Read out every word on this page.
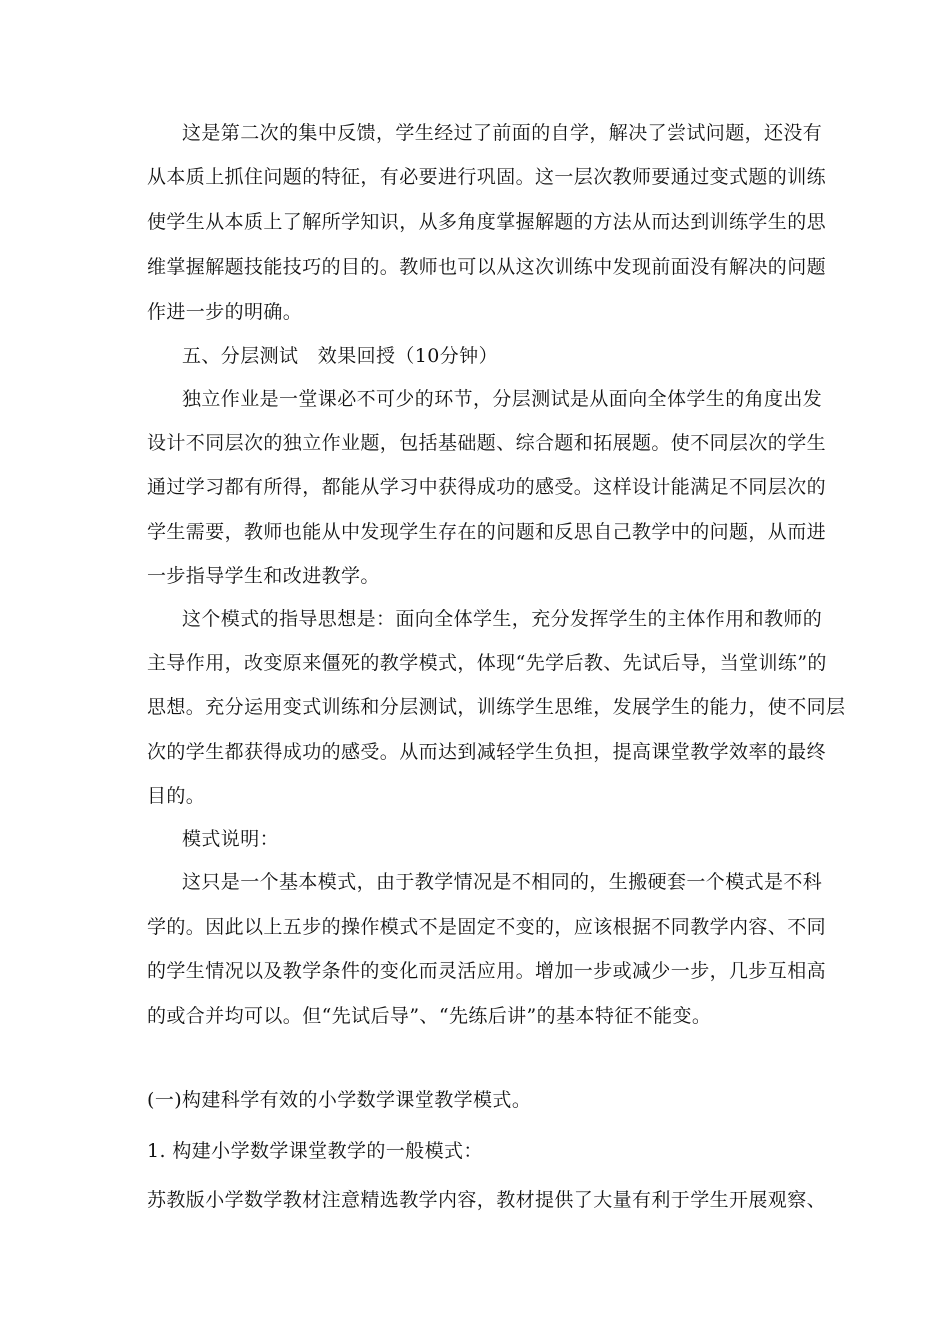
这是第二次的集中反馈，学生经过了前面的自学，解决了尝试问题，还没有

从本质上抓住问题的特征，有必要进行巩固。这一层次教师要通过变式题的训练

使学生从本质上了解所学知识，从多角度掌握解题的方法从而达到训练学生的思

维掌握解题技能技巧的目的。教师也可以从这次训练中发现前面没有解决的问题

作进一步的明确。

五、分层测试　效果回授（10分钟）

独立作业是一堂课必不可少的环节，分层测试是从面向全体学生的角度出发

设计不同层次的独立作业题，包括基础题、综合题和拓展题。使不同层次的学生

通过学习都有所得，都能从学习中获得成功的感受。这样设计能满足不同层次的

学生需要，教师也能从中发现学生存在的问题和反思自己教学中的问题，从而进

一步指导学生和改进教学。

这个模式的指导思想是：面向全体学生，充分发挥学生的主体作用和教师的

主导作用，改变原来僵死的教学模式，体现“先学后教、先试后导，当堂训练”的

思想。充分运用变式训练和分层测试，训练学生思维，发展学生的能力，使不同层

次的学生都获得成功的感受。从而达到减轻学生负担，提高课堂教学效率的最终

目的。

模式说明：

这只是一个基本模式，由于教学情况是不相同的，生搬硬套一个模式是不科

学的。因此以上五步的操作模式不是固定不变的，应该根据不同教学内容、不同

的学生情况以及教学条件的变化而灵活应用。增加一步或减少一步，几步互相高

的或合并均可以。但“先试后导”、“先练后讲”的基本特征不能变。

(一)构建科学有效的小学数学课堂教学模式。

1. 构建小学数学课堂教学的一般模式：

苏教版小学数学教材注意精选教学内容，教材提供了大量有利于学生开展观察、
